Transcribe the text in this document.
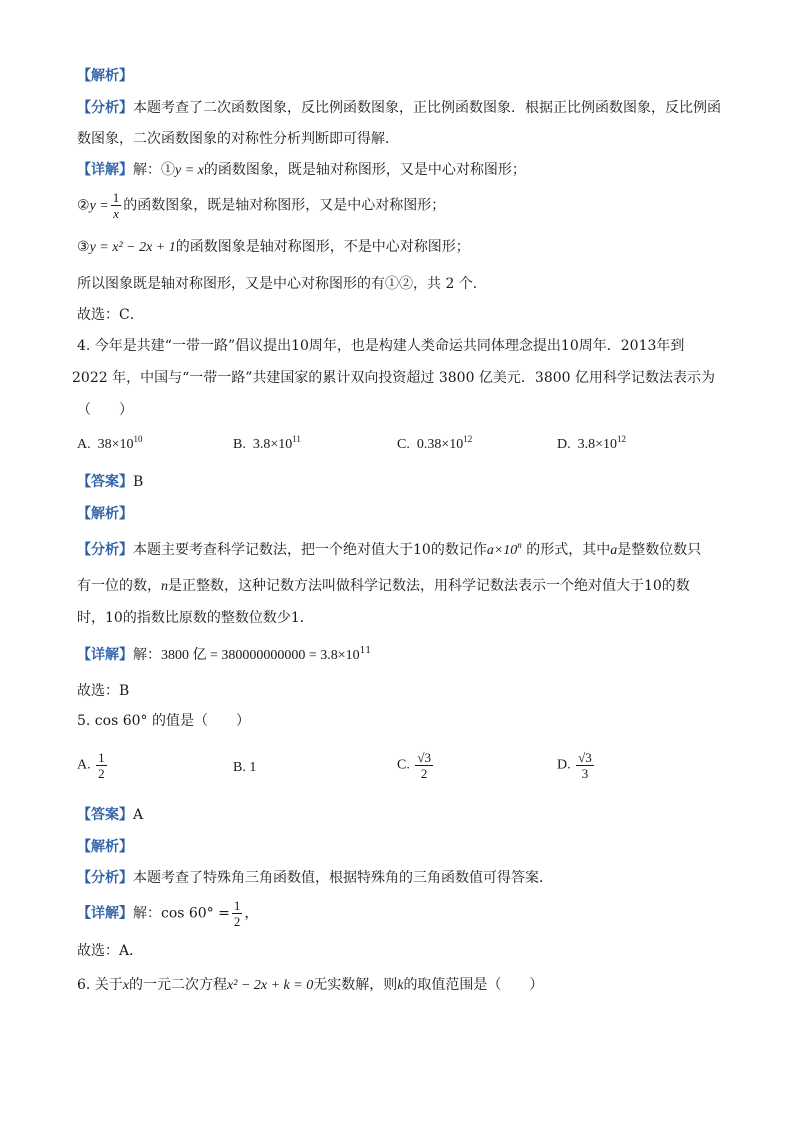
【解析】
【分析】本题考查了二次函数图象，反比例函数图象，正比例函数图象．根据正比例函数图象，反比例函
数图象，二次函数图象的对称性分析判断即可得解．
【详解】解：①y = x的函数图象，既是轴对称图形，又是中心对称图形；
②y = $\frac{1}{x}$ 的函数图象，既是轴对称图形，又是中心对称图形；
③y = x² − 2x + 1的函数图象是轴对称图形，不是中心对称图形；
所以图象既是轴对称图形，又是中心对称图形的有①②，共 2 个．
故选：C．
4. 今年是共建“一带一路”倡议提出10周年，也是构建人类命运共同体理念提出10周年．2013年到
2022 年，中国与“一带一路”共建国家的累计双向投资超过 3800 亿美元．3800 亿用科学记数法表示为
（　　）
A. $38\times 10^{10}$	B. $3.8\times 10^{11}$	C. $0.38\times 10^{12}$	D. $3.8\times 10^{12}$
【答案】B
【解析】
【分析】本题主要考查科学记数法，把一个绝对值大于10的数记作$a\times 10^n$ 的形式，其中a是整数位数只
有一位的数，n是正整数，这种记数方法叫做科学记数法，用科学记数法表示一个绝对值大于10的数
时，10的指数比原数的整数位数少1．
【详解】解：3800 亿 = $380000000000 = 3.8\times 10^{11}$
故选：B
5. cos 60° 的值是（　　）
A. $\frac{1}{2}$	B. 1	C. $\frac{√3}{2}$	D. $\frac{√3}{3}$
【答案】A
【解析】
【分析】本题考查了特殊角三角函数值，根据特殊角的三角函数值可得答案．
【详解】解：$\cos 60^\circ = \frac{1}{2}$ ，
故选：A．
6. 关于x的一元二次方程x² − 2x + k = 0无实数解，则k的取值范围是（　　）
